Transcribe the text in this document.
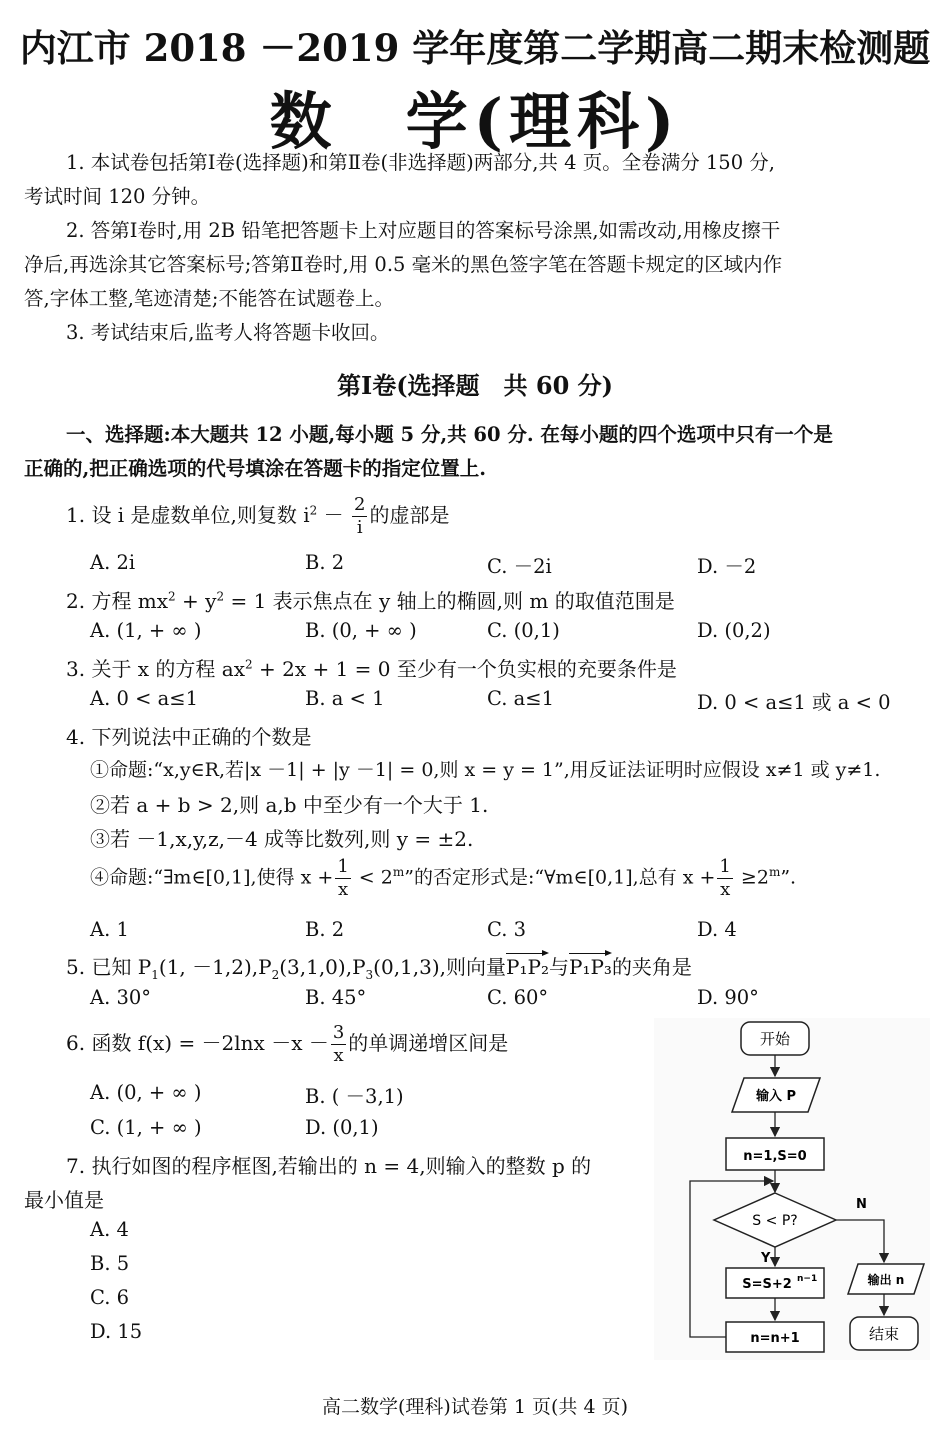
内江市 2018 －2019 学年度第二学期高二期末检测题
数　学(理科)
1. 本试卷包括第Ⅰ卷(选择题)和第Ⅱ卷(非选择题)两部分,共 4 页。全卷满分 150 分,
考试时间 120 分钟。
2. 答第Ⅰ卷时,用 2B 铅笔把答题卡上对应题目的答案标号涂黑,如需改动,用橡皮擦干
净后,再选涂其它答案标号;答第Ⅱ卷时,用 0.5 毫米的黑色签字笔在答题卡规定的区域内作
答,字体工整,笔迹清楚;不能答在试题卷上。
3. 考试结束后,监考人将答题卡收回。
第Ⅰ卷(选择题　共 60 分)
一、选择题:本大题共 12 小题,每小题 5 分,共 60 分. 在每小题的四个选项中只有一个是
正确的,把正确选项的代号填涂在答题卡的指定位置上.
1. 设 i 是虚数单位,则复数 $i^2 - \frac{2}{i}$ 的虚部是
A. 2i	B. 2	C. －2i	D. －2
2. 方程 $mx^2 + y^2 = 1$ 表示焦点在 y 轴上的椭圆,则 m 的取值范围是
A. (1, + ∞ )	B. (0, + ∞ )	C. (0,1)	D. (0,2)
3. 关于 x 的方程 $ax^2 + 2x + 1 = 0$ 至少有一个负实根的充要条件是
A. 0 < a≤1	B. a < 1	C. a≤1	D. 0 < a≤1 或 a < 0
4. 下列说法中正确的个数是
①命题:“x,y∈R,若|x －1| + |y －1| = 0,则 x = y = 1”,用反证法证明时应假设 x≠1 或 y≠1.
②若 a + b > 2,则 a,b 中至少有一个大于 1.
③若 －1,x,y,z,－4 成等比数列,则 y = ±2.
④命题:“∃m∈[0,1],使得 $x + \frac{1}{x} < 2^m$”的否定形式是:“∀m∈[0,1],总有 $x + \frac{1}{x} \ge 2^m$”.
A. 1	B. 2	C. 3	D. 4
5. 已知 $P_1(1$, $-1,2),P_2(3,1,0),P_3(0,1,3)$,则向量P₁P₂与P₁P₃的夹角是
A. 30°	B. 45°	C. 60°	D. 90°
6. 函数 $f(x) = -2\ln x -x - \frac{3}{x}$ 的单调递增区间是
A. (0, + ∞ )	B. ( －3,1)
C. (1, + ∞ )	D. (0,1)
7. 执行如图的程序框图,若输出的 n = 4,则输入的整数 p 的
最小值是
A. 4
B. 5
C. 6
D. 15
开始
输入 P
n=1,S=0
S < P?
Y
S=S+2 n−1
n=n+1
N
输出 n
结束
高二数学(理科)试卷第 1 页(共 4 页)
